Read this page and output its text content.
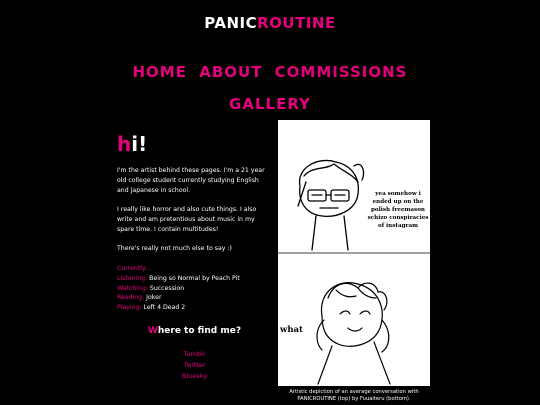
PANICROUTINE
HOME ABOUT COMMISSIONS
GALLERY
hi!

I'm the artist behind these pages. I'm a 21 year old college student currently studying English and Japanese in school.

I really like horror and also cute things. I also write and am pretentious about music in my spare time. I contain multitudes!

There's really not much else to say :)

Currently...
Listening: Being so Normal by Peach Pit
Watching: Succession
Reading: Joker
Playing: Left 4 Dead 2
Where to find me?
Tumblr
Twitter
Bluesky
yea somehow i ended up on the polish freemason schizo conspiracies of instagram
what
Artistic depiction of an average conversation with PANICROUTINE (top) by Fuuaiteru (bottom).
